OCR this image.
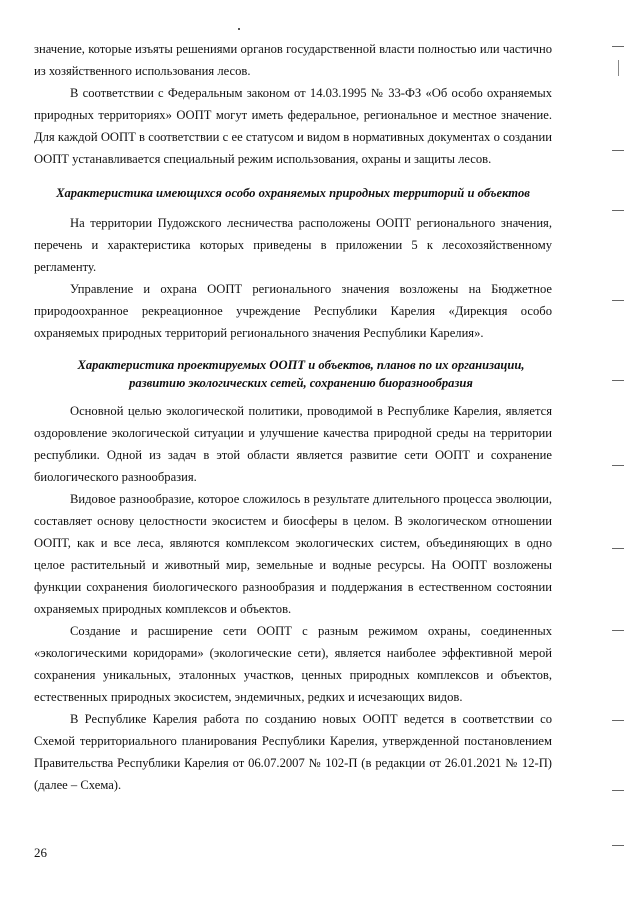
значение, которые изъяты решениями органов государственной власти полностью или частично из хозяйственного использования лесов.

В соответствии с Федеральным законом от 14.03.1995 № 33-ФЗ «Об особо охраняемых природных территориях» ООПТ могут иметь федеральное, региональное и местное значение. Для каждой ООПТ в соответствии с ее статусом и видом в нормативных документах о создании ООПТ устанавливается специальный режим использования, охраны и защиты лесов.

Характеристика имеющихся особо охраняемых природных территорий и объектов

На территории Пудожского лесничества расположены ООПТ регионального значения, перечень и характеристика которых приведены в приложении 5 к лесохозяйственному регламенту.

Управление и охрана ООПТ регионального значения возложены на Бюджетное природоохранное рекреационное учреждение Республики Карелия «Дирекция особо охраняемых природных территорий регионального значения Республики Карелия».

Характеристика проектируемых ООПТ и объектов, планов по их организации, развитию экологических сетей, сохранению биоразнообразия

Основной целью экологической политики, проводимой в Республике Карелия, является оздоровление экологической ситуации и улучшение качества природной среды на территории республики. Одной из задач в этой области является развитие сети ООПТ и сохранение биологического разнообразия.

Видовое разнообразие, которое сложилось в результате длительного процесса эволюции, составляет основу целостности экосистем и биосферы в целом. В экологическом отношении ООПТ, как и все леса, являются комплексом экологических систем, объединяющих в одно целое растительный и животный мир, земельные и водные ресурсы. На ООПТ возложены функции сохранения биологического разнообразия и поддержания в естественном состоянии охраняемых природных комплексов и объектов.

Создание и расширение сети ООПТ с разным режимом охраны, соединенных «экологическими коридорами» (экологические сети), является наиболее эффективной мерой сохранения уникальных, эталонных участков, ценных природных комплексов и объектов, естественных природных экосистем, эндемичных, редких и исчезающих видов.

В Республике Карелия работа по созданию новых ООПТ ведется в соответствии со Схемой территориального планирования Республики Карелия, утвержденной постановлением Правительства Республики Карелия от 06.07.2007 № 102-П (в редакции от 26.01.2021 № 12-П) (далее – Схема).

26
